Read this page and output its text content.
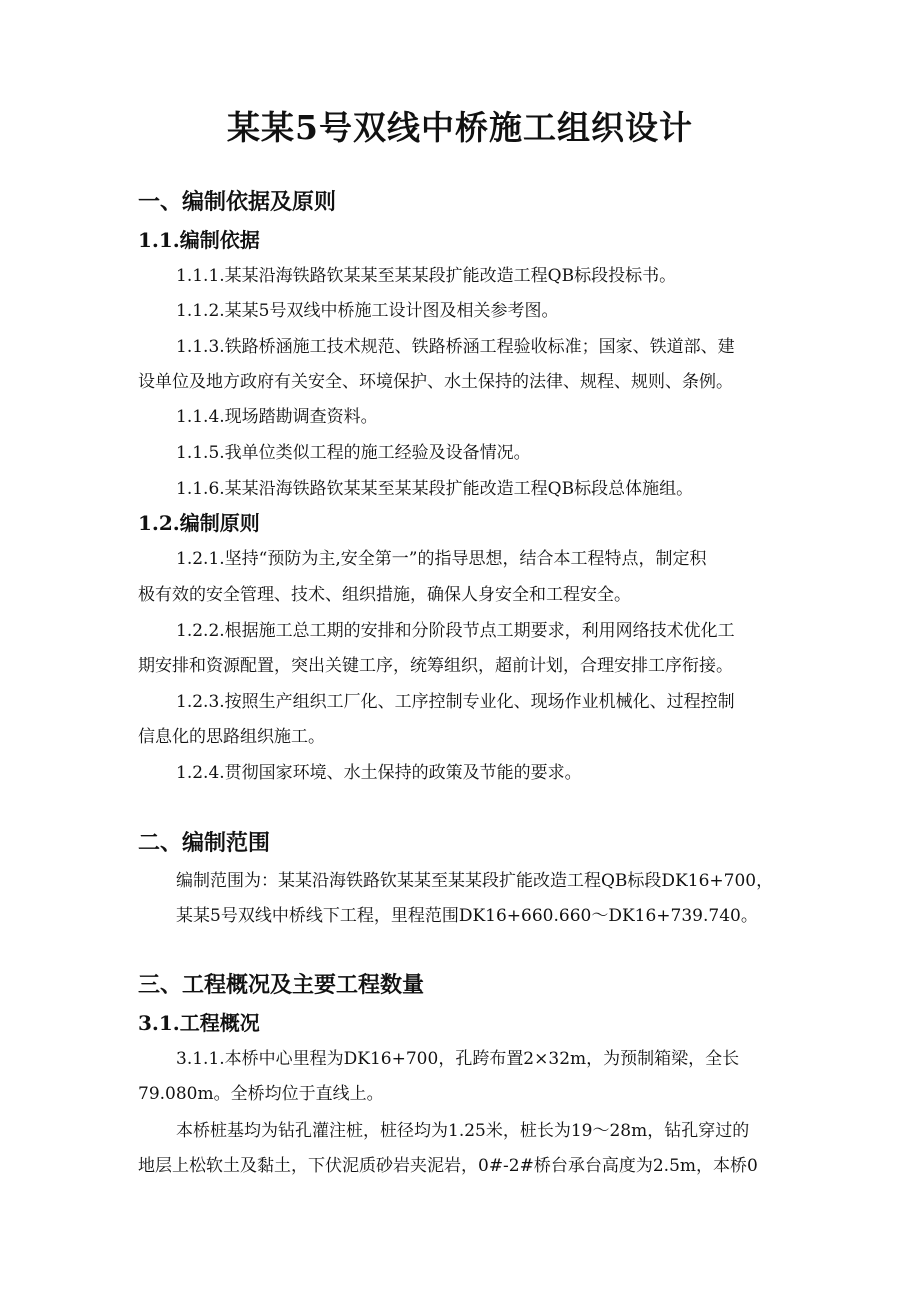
某某5号双线中桥施工组织设计
一、编制依据及原则
1.1.编制依据
1.1.1.某某沿海铁路钦某某至某某段扩能改造工程QB标段投标书。
1.1.2.某某5号双线中桥施工设计图及相关参考图。
1.1.3.铁路桥涵施工技术规范、铁路桥涵工程验收标准；国家、铁道部、建
设单位及地方政府有关安全、环境保护、水土保持的法律、规程、规则、条例。
1.1.4.现场踏勘调查资料。
1.1.5.我单位类似工程的施工经验及设备情况。
1.1.6.某某沿海铁路钦某某至某某段扩能改造工程QB标段总体施组。
1.2.编制原则
1.2.1.坚持“预防为主,安全第一”的指导思想，结合本工程特点，制定积
极有效的安全管理、技术、组织措施，确保人身安全和工程安全。
1.2.2.根据施工总工期的安排和分阶段节点工期要求，利用网络技术优化工
期安排和资源配置，突出关键工序，统筹组织，超前计划，合理安排工序衔接。
1.2.3.按照生产组织工厂化、工序控制专业化、现场作业机械化、过程控制
信息化的思路组织施工。
1.2.4.贯彻国家环境、水土保持的政策及节能的要求。
二、编制范围
编制范围为：某某沿海铁路钦某某至某某段扩能改造工程QB标段DK16+700，
某某5号双线中桥线下工程，里程范围DK16+660.660～DK16+739.740。
三、工程概况及主要工程数量
3.1.工程概况
3.1.1.本桥中心里程为DK16+700，孔跨布置2×32m，为预制箱梁，全长
79.080m。全桥均位于直线上。
本桥桩基均为钻孔灌注桩，桩径均为1.25米，桩长为19～28m，钻孔穿过的
地层上松软土及黏土，下伏泥质砂岩夹泥岩，0#-2#桥台承台高度为2.5m，本桥0
